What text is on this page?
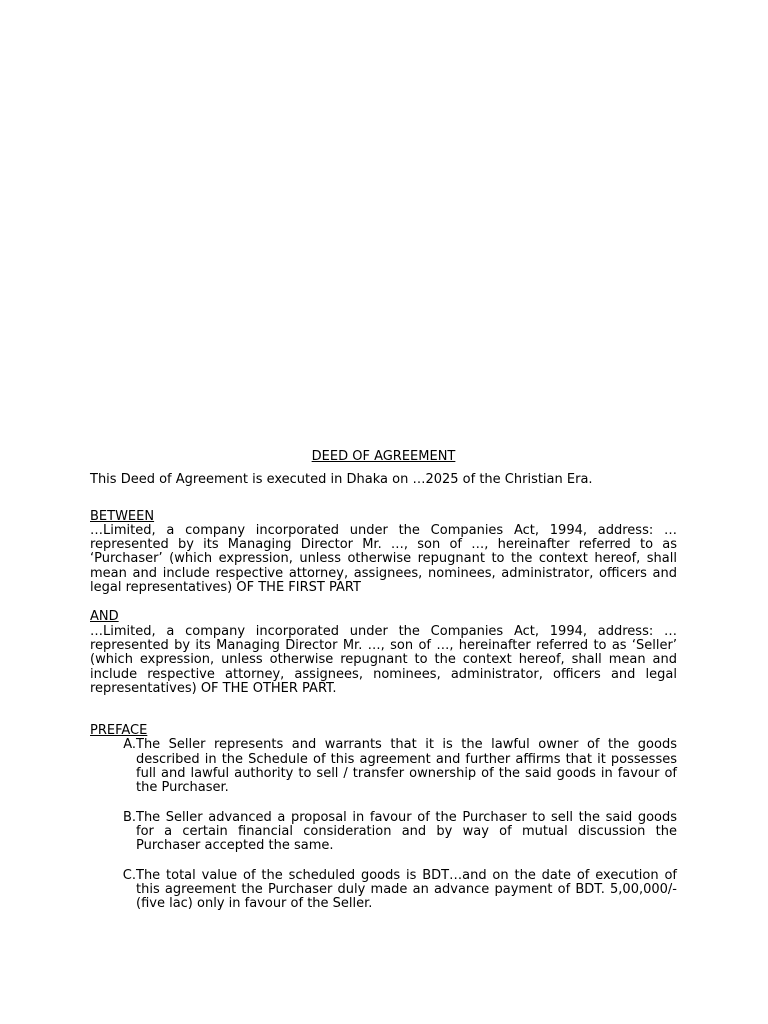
DEED OF AGREEMENT

This Deed of Agreement is executed in Dhaka on …2025 of the Christian Era.

BETWEEN

…Limited, a company incorporated under the Companies Act, 1994, address: … represented by its Managing Director Mr. …, son of …, hereinafter referred to as ‘Purchaser’ (which expression, unless otherwise repugnant to the context hereof, shall mean and include respective attorney, assignees, nominees, administrator, officers and legal representatives) OF THE FIRST PART

AND

…Limited, a company incorporated under the Companies Act, 1994, address: … represented by its Managing Director Mr. …, son of …, hereinafter referred to as ‘Seller’ (which expression, unless otherwise repugnant to the context hereof, shall mean and include respective attorney, assignees, nominees, administrator, officers and legal representatives) OF THE OTHER PART.

PREFACE

A. The Seller represents and warrants that it is the lawful owner of the goods described in the Schedule of this agreement and further affirms that it possesses full and lawful authority to sell / transfer ownership of the said goods in favour of the Purchaser.
B. The Seller advanced a proposal in favour of the Purchaser to sell the said goods for a certain financial consideration and by way of mutual discussion the Purchaser accepted the same.
C. The total value of the scheduled goods is BDT…and on the date of execution of this agreement the Purchaser duly made an advance payment of BDT. 5,00,000/- (five lac) only in favour of the Seller.
